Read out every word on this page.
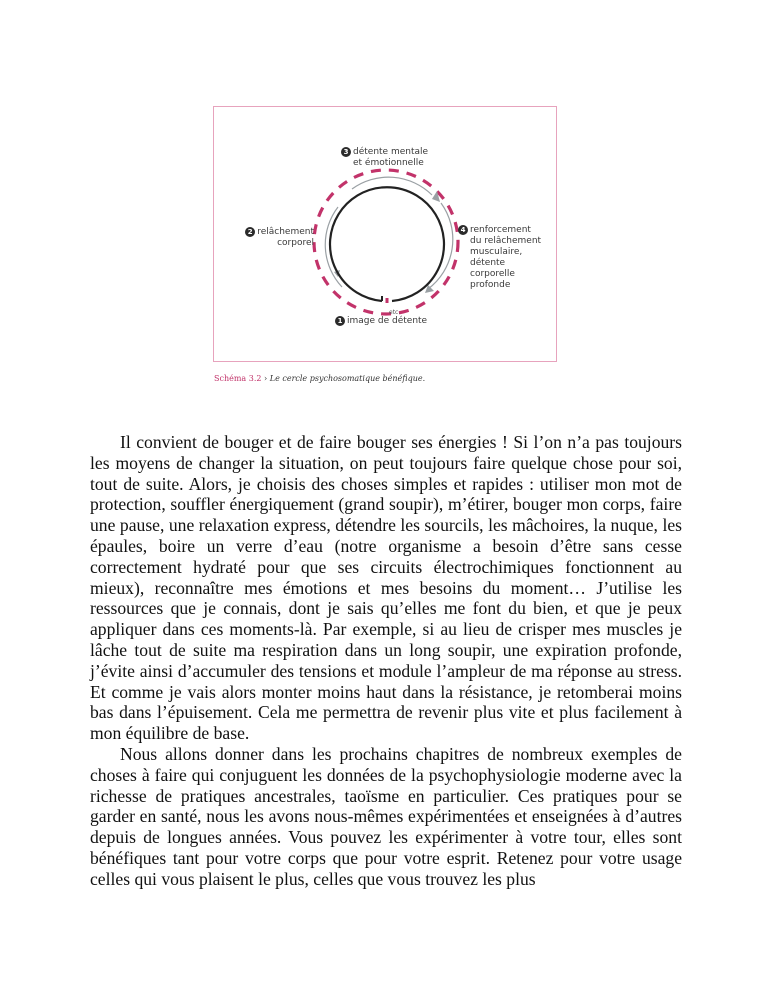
3 détente mentale
et émotionnelle
2 relâchement
corporel
4 renforcement
du relâchement
musculaire,
détente
corporelle
profonde
etc.
1 image de détente
Schéma 3.2 › Le cercle psychosomatique bénéfique.

Il convient de bouger et de faire bouger ses énergies ! Si l’on n’a pas toujours les moyens de changer la situation, on peut toujours faire quelque chose pour soi, tout de suite. Alors, je choisis des choses simples et rapides : utiliser mon mot de protection, souffler énergiquement (grand soupir), m’étirer, bouger mon corps, faire une pause, une relaxation express, détendre les sourcils, les mâchoires, la nuque, les épaules, boire un verre d’eau (notre organisme a besoin d’être sans cesse correctement hydraté pour que ses circuits électrochimiques fonctionnent au mieux), reconnaître mes émotions et mes besoins du moment… J’utilise les ressources que je connais, dont je sais qu’elles me font du bien, et que je peux appliquer dans ces moments-là. Par exemple, si au lieu de crisper mes muscles je lâche tout de suite ma respiration dans un long soupir, une expiration profonde, j’évite ainsi d’accumuler des tensions et module l’ampleur de ma réponse au stress. Et comme je vais alors monter moins haut dans la résistance, je retomberai moins bas dans l’épuisement. Cela me permettra de revenir plus vite et plus facilement à mon équilibre de base.

Nous allons donner dans les prochains chapitres de nombreux exemples de choses à faire qui conjuguent les données de la psychophysiologie moderne avec la richesse de pratiques ancestrales, taoïsme en particulier. Ces pratiques pour se garder en santé, nous les avons nous-mêmes expérimentées et enseignées à d’autres depuis de longues années. Vous pouvez les expérimenter à votre tour, elles sont bénéfiques tant pour votre corps que pour votre esprit. Retenez pour votre usage celles qui vous plaisent le plus, celles que vous trouvez les plus
